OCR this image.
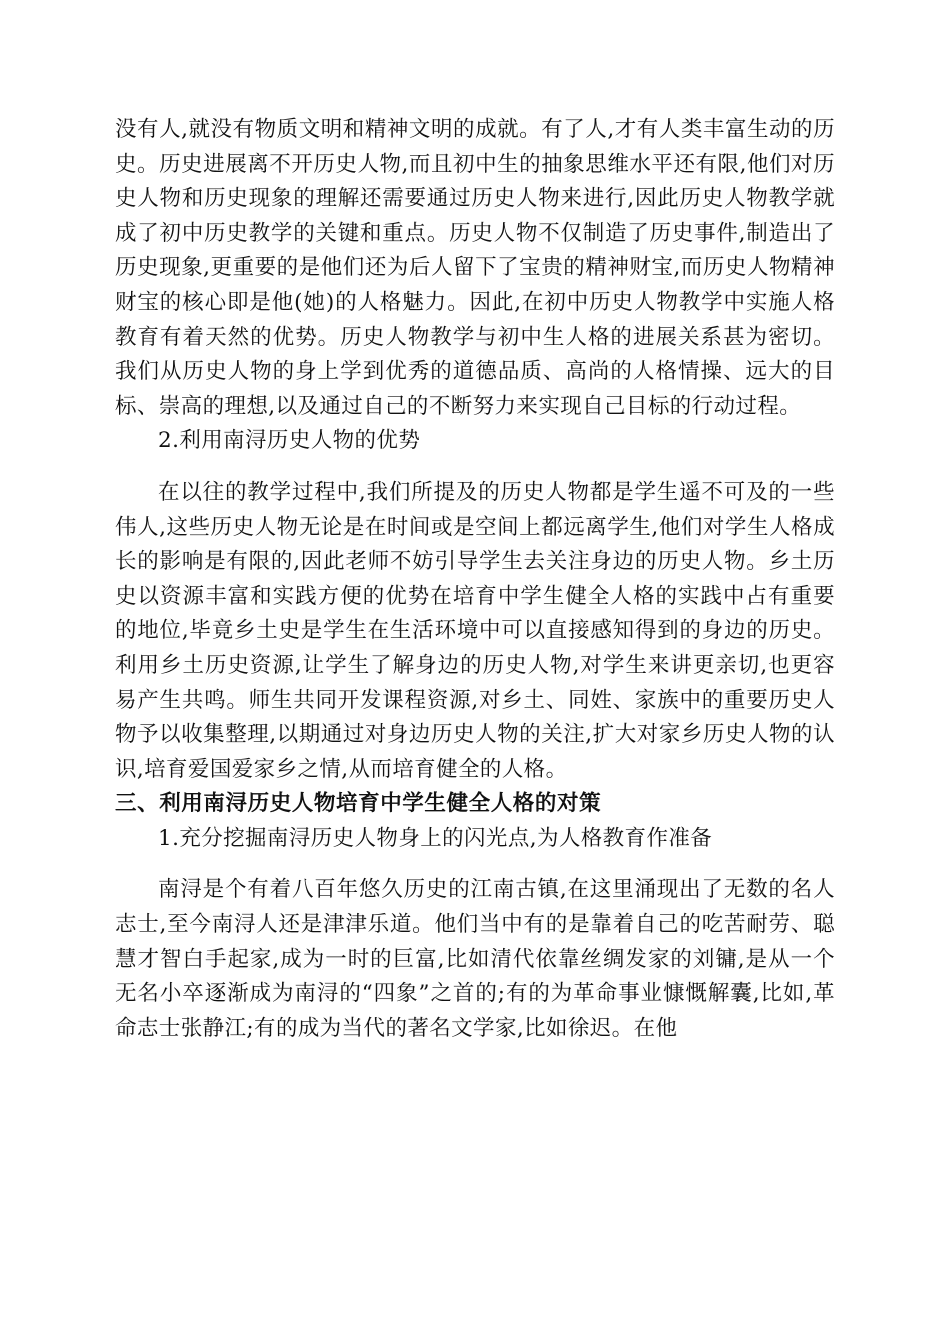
没有人,就没有物质文明和精神文明的成就。有了人,才有人类丰富生动的历史。历史进展离不开历史人物,而且初中生的抽象思维水平还有限,他们对历史人物和历史现象的理解还需要通过历史人物来进行,因此历史人物教学就成了初中历史教学的关键和重点。历史人物不仅制造了历史事件,制造出了历史现象,更重要的是他们还为后人留下了宝贵的精神财宝,而历史人物精神财宝的核心即是他(她)的人格魅力。因此,在初中历史人物教学中实施人格教育有着天然的优势。历史人物教学与初中生人格的进展关系甚为密切。我们从历史人物的身上学到优秀的道德品质、高尚的人格情操、远大的目标、崇高的理想,以及通过自己的不断努力来实现自己目标的行动过程。

2.利用南浔历史人物的优势

在以往的教学过程中,我们所提及的历史人物都是学生遥不可及的一些伟人,这些历史人物无论是在时间或是空间上都远离学生,他们对学生人格成长的影响是有限的,因此老师不妨引导学生去关注身边的历史人物。乡土历史以资源丰富和实践方便的优势在培育中学生健全人格的实践中占有重要的地位,毕竟乡土史是学生在生活环境中可以直接感知得到的身边的历史。利用乡土历史资源,让学生了解身边的历史人物,对学生来讲更亲切,也更容易产生共鸣。师生共同开发课程资源,对乡土、同姓、家族中的重要历史人物予以收集整理,以期通过对身边历史人物的关注,扩大对家乡历史人物的认识,培育爱国爱家乡之情,从而培育健全的人格。

三、利用南浔历史人物培育中学生健全人格的对策

1.充分挖掘南浔历史人物身上的闪光点,为人格教育作准备

南浔是个有着八百年悠久历史的江南古镇,在这里涌现出了无数的名人志士,至今南浔人还是津津乐道。他们当中有的是靠着自己的吃苦耐劳、聪慧才智白手起家,成为一时的巨富,比如清代依靠丝绸发家的刘镛,是从一个无名小卒逐渐成为南浔的“四象”之首的;有的为革命事业慷慨解囊,比如,革命志士张静江;有的成为当代的著名文学家,比如徐迟。在他
